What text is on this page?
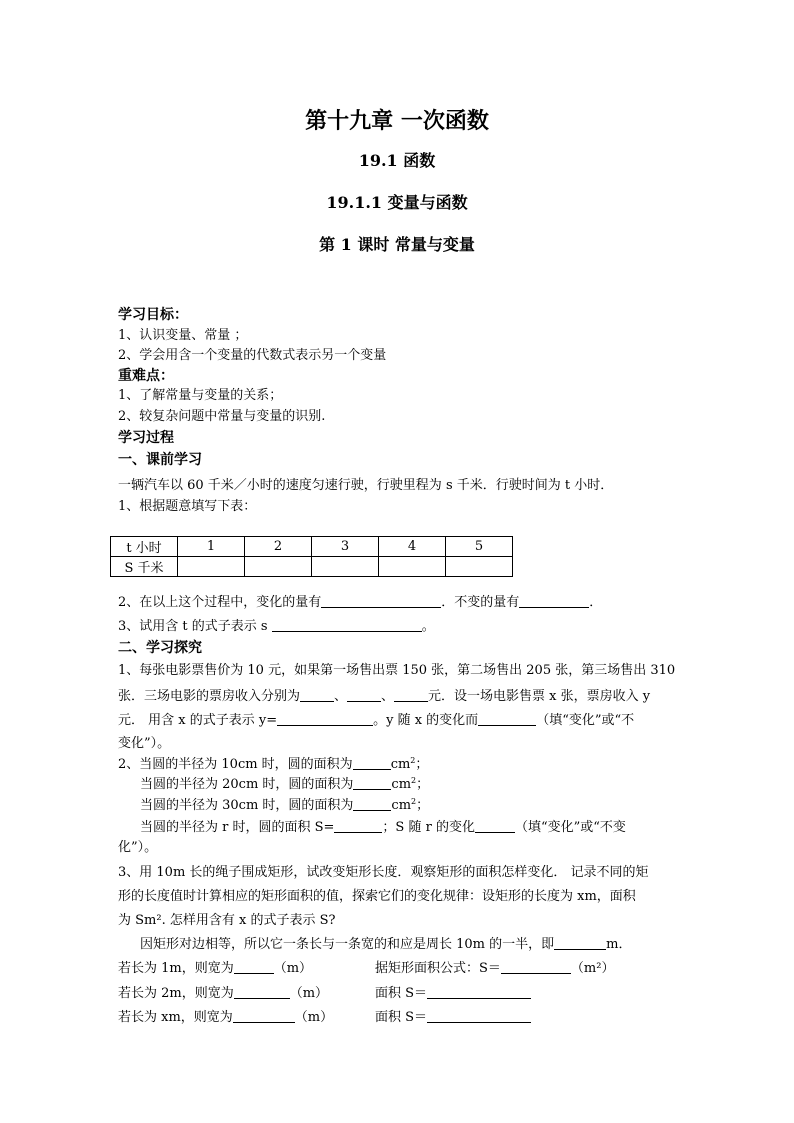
第十九章 一次函数
19.1 函数
19.1.1 变量与函数
第 1 课时 常量与变量
学习目标：
1、认识变量、常量 ；
2、学会用含一个变量的代数式表示另一个变量
重难点：
1、了解常量与变量的关系；
2、较复杂问题中常量与变量的识别.
学习过程
一、课前学习
一辆汽车以 60 千米／小时的速度匀速行驶，行驶里程为 s 千米．行驶时间为 t 小时．
1、根据题意填写下表：
t 小时	1	2	3	4	5
S 千米					
2、在以上这个过程中，变化的量有	．不变的量有	．
3、试用含 t 的式子表示 s	。
二、学习探究
1、每张电影票售价为 10 元，如果第一场售出票 150 张，第二场售出 205 张，第三场售出 310
张．三场电影的票房收入分别为	、	、	元．设一场电影售票 x 张，票房收入 y
元． 用含 x 的式子表示 y=	。y 随 x 的变化而	（填“变化”或“不
变化”）。
2、当圆的半径为 10cm 时，圆的面积为	$cm^2$；
当圆的半径为 20cm 时，圆的面积为	$cm^2$；
当圆的半径为 30cm 时，圆的面积为	$cm^2$；
当圆的半径为 r 时，圆的面积 S=	；S 随 r 的变化	（填“变化”或“不变
化”）。
3、用 10m 长的绳子围成矩形，试改变矩形长度．观察矩形的面积怎样变化． 记录不同的矩
形的长度值时计算相应的矩形面积的值，探索它们的变化规律：设矩形的长度为 xm，面积
为 Sm². 怎样用含有 x 的式子表示 S?
因矩形对边相等，所以它一条长与一条宽的和应是周长 10m 的一半，即	m．
若长为 1m，则宽为	（m）	据矩形面积公式：S＝	（m²）
若长为 2m，则宽为	（m）	面积 S＝
若长为 xm，则宽为	（m）	面积 S＝
